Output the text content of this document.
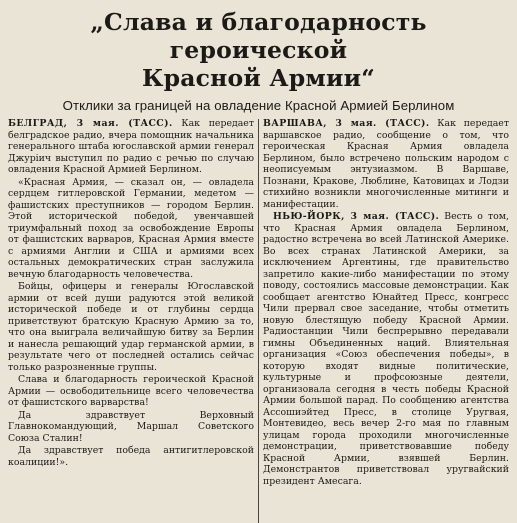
„Слава и благодарность героической
Красной Армии“
Отклики за границей на овладение Красной Армией Берлином

БЕЛГРАД, 3 мая. (ТАСС). Как передает белградское радио, вчера помощник начальника генерального штаба югославской армии генерал Джуріич выступил по радио с речью по случаю овладения Красной Армией Берлином.

«Красная Армия, — сказал он, — овладела сердцем гитлеровской Германии, медетом — фашистских преступников — городом Берлин. Этой исторической победой, увенчавшей триумфальный поход за освобождение Европы от фашистских варваров, Красная Армия вместе с армиями Англии и США и армиями всех остальных демократических стран заслужила вечную благодарность человечества.

Бойцы, офицеры и генералы Югославской армии от всей души радуются этой великой исторической победе и от глубины сердца приветствуют братскую Красную Армию за то, что она выиграла величайшую битву за Берлин и нанесла решающий удар германской армии, в результате чего от последней остались сейчас только разрозненные группы.

Слава и благодарность героической Красной Армии — освободительнице всего человечества от фашистского варварства!

Да здравствует Верховный Главнокомандующий, Маршал Советского Союза Сталин!

Да здравствует победа антигитлеровской коалиции!».

ВАРШАВА, 3 мая. (ТАСС). Как передает варшавское радио, сообщение о том, что героическая Красная Армия овладела Берлином, было встречено польским народом с неописуемым энтузиазмом. В Варшаве, Познани, Кракове, Люблине, Катовицах и Лодзи стихийно возникли многочисленные митинги и манифестации.

НЬЮ-ЙОРК, 3 мая. (ТАСС). Весть о том, что Красная Армия овладела Берлином, радостно встречена во всей Латинской Америке. Во всех странах Латинской Америки, за исключением Аргентины, где правительство запретило какие-либо манифестации по этому поводу, состоялись массовые демонстрации. Как сообщает агентство Юнайтед Пресс, конгресс Чили прервал свое заседание, чтобы отметить новую блестящую победу Красной Армии. Радиостанции Чили беспрерывно передавали гимны Объединенных наций. Влиятельная организация «Союз обеспечения победы», в которую входят видные политические, культурные и профсоюзные деятели, организовала сегодня в честь победы Красной Армии большой парад. По сообщению агентства Ассошиэйтед Пресс, в столице Уругвая, Монтевидео, весь вечер 2-го мая по главным улицам города проходили многочисленные демонстрации, приветствовавшие победу Красной Армии, взявшей Берлин. Демонстрантов приветствовал уругвайский президент Амесага.
